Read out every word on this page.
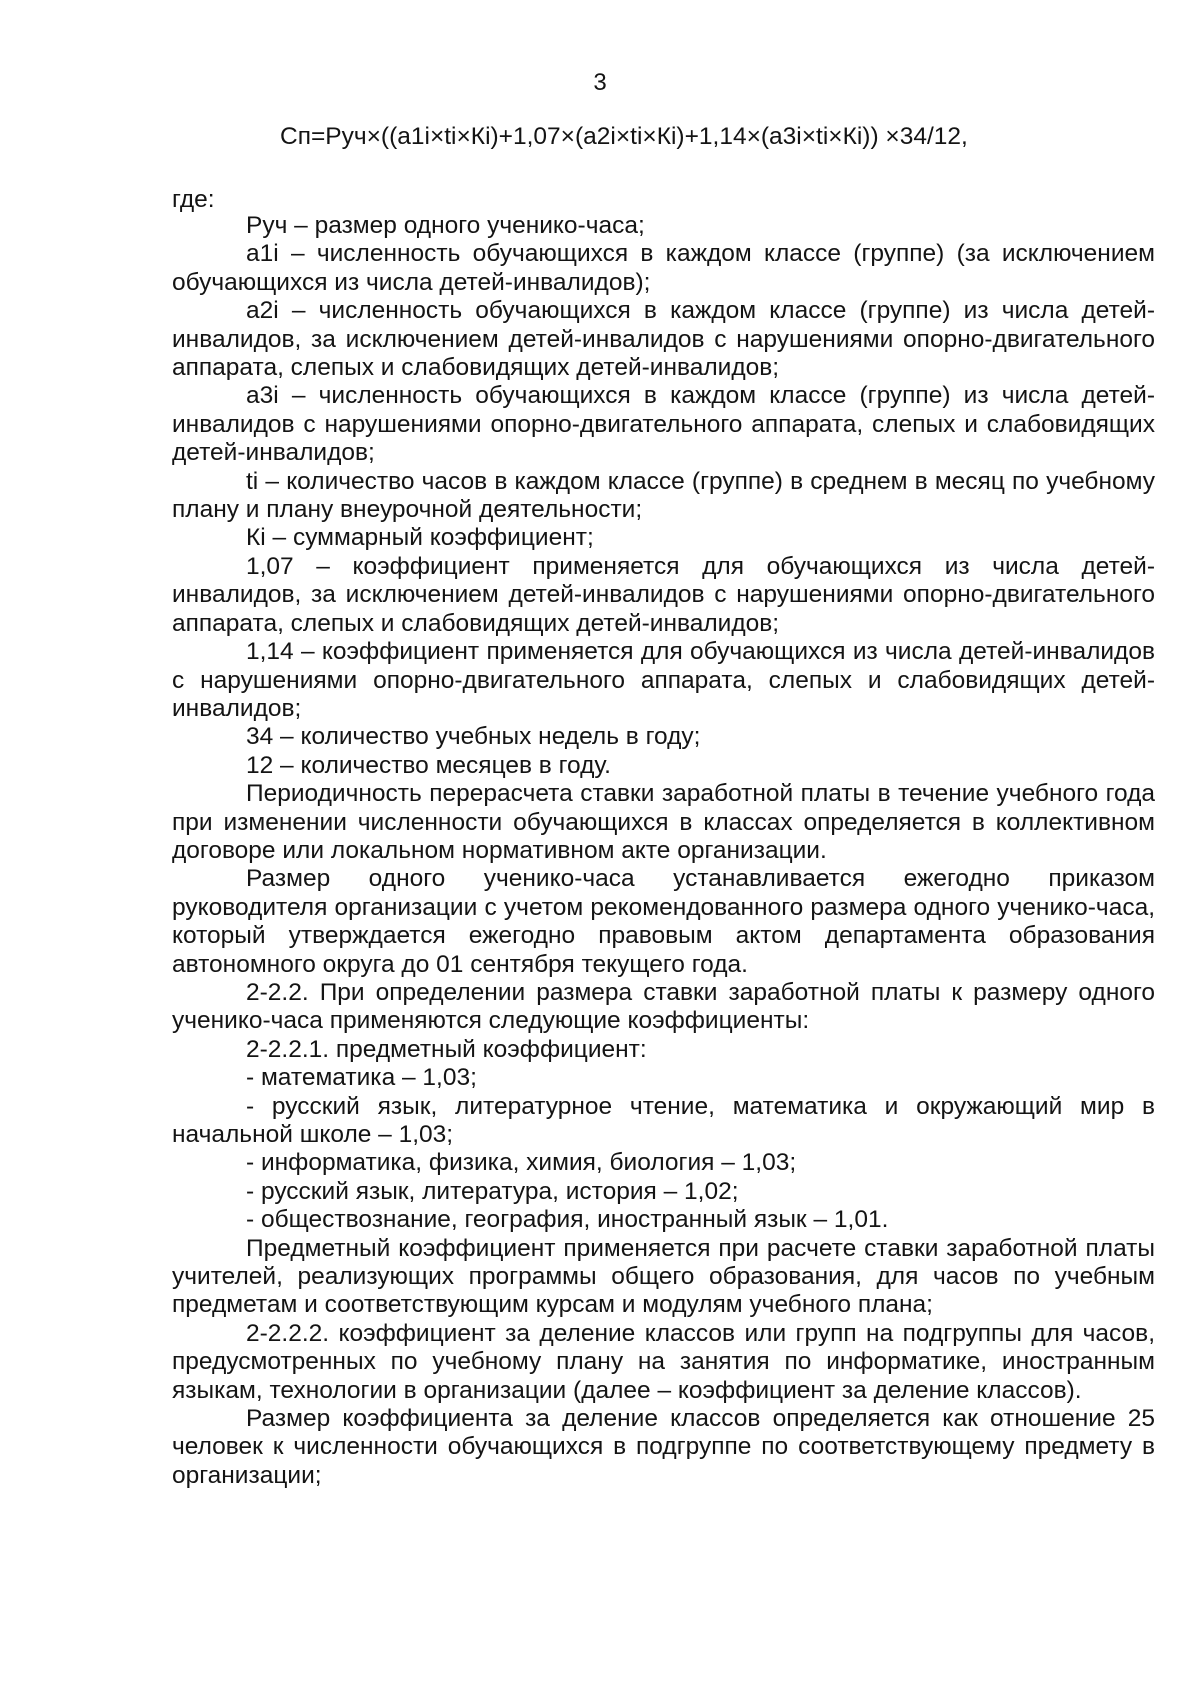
3
Сп=Руч×((а1i×ti×Кi)+1,07×(а2i×ti×Кi)+1,14×(а3i×ti×Кi)) ×34/12,
где:

Руч – размер одного ученико-часа;

а1i – численность обучающихся в каждом классе (группе) (за исключением обучающихся из числа детей-инвалидов);

а2i – численность обучающихся в каждом классе (группе) из числа детей-инвалидов, за исключением детей-инвалидов с нарушениями опорно-двигательного аппарата, слепых и слабовидящих детей-инвалидов;

а3i – численность обучающихся в каждом классе (группе) из числа детей-инвалидов с нарушениями опорно-двигательного аппарата, слепых и слабовидящих детей-инвалидов;

ti – количество часов в каждом классе (группе) в среднем в месяц по учебному плану и плану внеурочной деятельности;

Кi – суммарный коэффициент;

1,07 – коэффициент применяется для обучающихся из числа детей-инвалидов, за исключением детей-инвалидов с нарушениями опорно-двигательного аппарата, слепых и слабовидящих детей-инвалидов;

1,14 – коэффициент применяется для обучающихся из числа детей-инвалидов с нарушениями опорно-двигательного аппарата, слепых и слабовидящих детей-инвалидов;

34 – количество учебных недель в году;

12 – количество месяцев в году.

Периодичность перерасчета ставки заработной платы в течение учебного года при изменении численности обучающихся в классах определяется в коллективном договоре или локальном нормативном акте организации.

Размер одного ученико-часа устанавливается ежегодно приказом руководителя организации с учетом рекомендованного размера одного ученико-часа, который утверждается ежегодно правовым актом департамента образования автономного округа до 01 сентября текущего года.

2-2.2. При определении размера ставки заработной платы к размеру одного ученико-часа применяются следующие коэффициенты:

2-2.2.1. предметный коэффициент:

- математика – 1,03;

- русский язык, литературное чтение, математика и окружающий мир в начальной школе – 1,03;

- информатика, физика, химия, биология – 1,03;

- русский язык, литература, история – 1,02;

- обществознание, география, иностранный язык – 1,01.

Предметный коэффициент применяется при расчете ставки заработной платы учителей, реализующих программы общего образования, для часов по учебным предметам и соответствующим курсам и модулям учебного плана;

2-2.2.2. коэффициент за деление классов или групп на подгруппы для часов, предусмотренных по учебному плану на занятия по информатике, иностранным языкам, технологии в организации (далее – коэффициент за деление классов).

Размер коэффициента за деление классов определяется как отношение 25 человек к численности обучающихся в подгруппе по соответствующему предмету в организации;
